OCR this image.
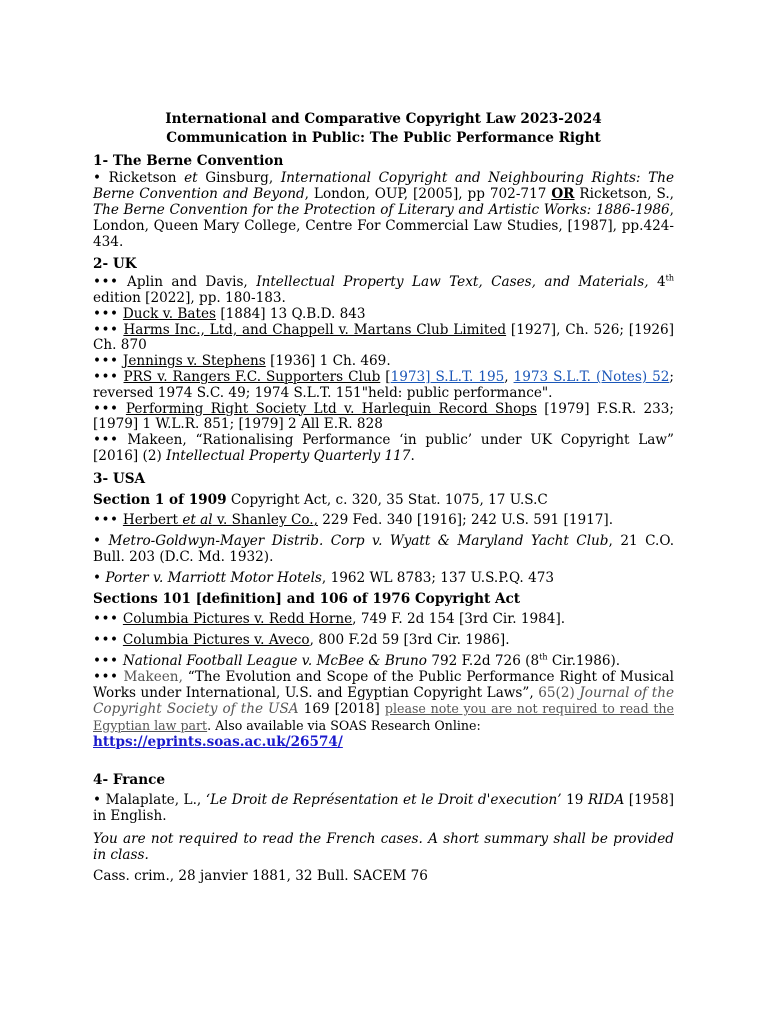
International and Comparative Copyright Law 2023-2024

Communication in Public: The Public Performance Right

1- The Berne Convention

• Ricketson et Ginsburg, International Copyright and Neighbouring Rights: The Berne Convention and Beyond, London, OUP, [2005], pp 702-717 OR Ricketson, S., The Berne Convention for the Protection of Literary and Artistic Works: 1886-1986, London, Queen Mary College, Centre For Commercial Law Studies, [1987], pp.424-434.

2- UK

••• Aplin and Davis, Intellectual Property Law Text, Cases, and Materials, 4th edition [2022], pp. 180-183.

••• Duck v. Bates [1884] 13 Q.B.D. 843

••• Harms Inc., Ltd, and Chappell v. Martans Club Limited [1927], Ch. 526; [1926] Ch. 870

••• Jennings v. Stephens [1936] 1 Ch. 469.

••• PRS v. Rangers F.C. Supporters Club [1973] S.L.T. 195, 1973 S.L.T. (Notes) 52; reversed 1974 S.C. 49; 1974 S.L.T. 151"held: public performance".

••• Performing Right Society Ltd v. Harlequin Record Shops [1979] F.S.R. 233; [1979] 1 W.L.R. 851; [1979] 2 All E.R. 828

••• Makeen, “Rationalising Performance ‘in public’ under UK Copyright Law” [2016] (2) Intellectual Property Quarterly 117.

3- USA

Section 1 of 1909 Copyright Act, c. 320, 35 Stat. 1075, 17 U.S.C

••• Herbert et al v. Shanley Co., 229 Fed. 340 [1916]; 242 U.S. 591 [1917].

• Metro-Goldwyn-Mayer Distrib. Corp v. Wyatt & Maryland Yacht Club, 21 C.O. Bull. 203 (D.C. Md. 1932).

• Porter v. Marriott Motor Hotels, 1962 WL 8783; 137 U.S.P.Q. 473

Sections 101 [definition] and 106 of 1976 Copyright Act

••• Columbia Pictures v. Redd Horne, 749 F. 2d 154 [3rd Cir. 1984].

••• Columbia Pictures v. Aveco, 800 F.2d 59 [3rd Cir. 1986].

••• National Football League v. McBee & Bruno 792 F.2d 726 (8th Cir.1986).

••• Makeen, “The Evolution and Scope of the Public Performance Right of Musical Works under International, U.S. and Egyptian Copyright Laws”, 65(2) Journal of the Copyright Society of the USA 169 [2018] please note you are not required to read the Egyptian law part. Also available via SOAS Research Online:

https://eprints.soas.ac.uk/26574/

4- France

• Malaplate, L., ‘Le Droit de Représentation et le Droit d'execution’ 19 RIDA [1958] in English.

You are not required to read the French cases. A short summary shall be provided in class.

Cass. crim., 28 janvier 1881, 32 Bull. SACEM 76
